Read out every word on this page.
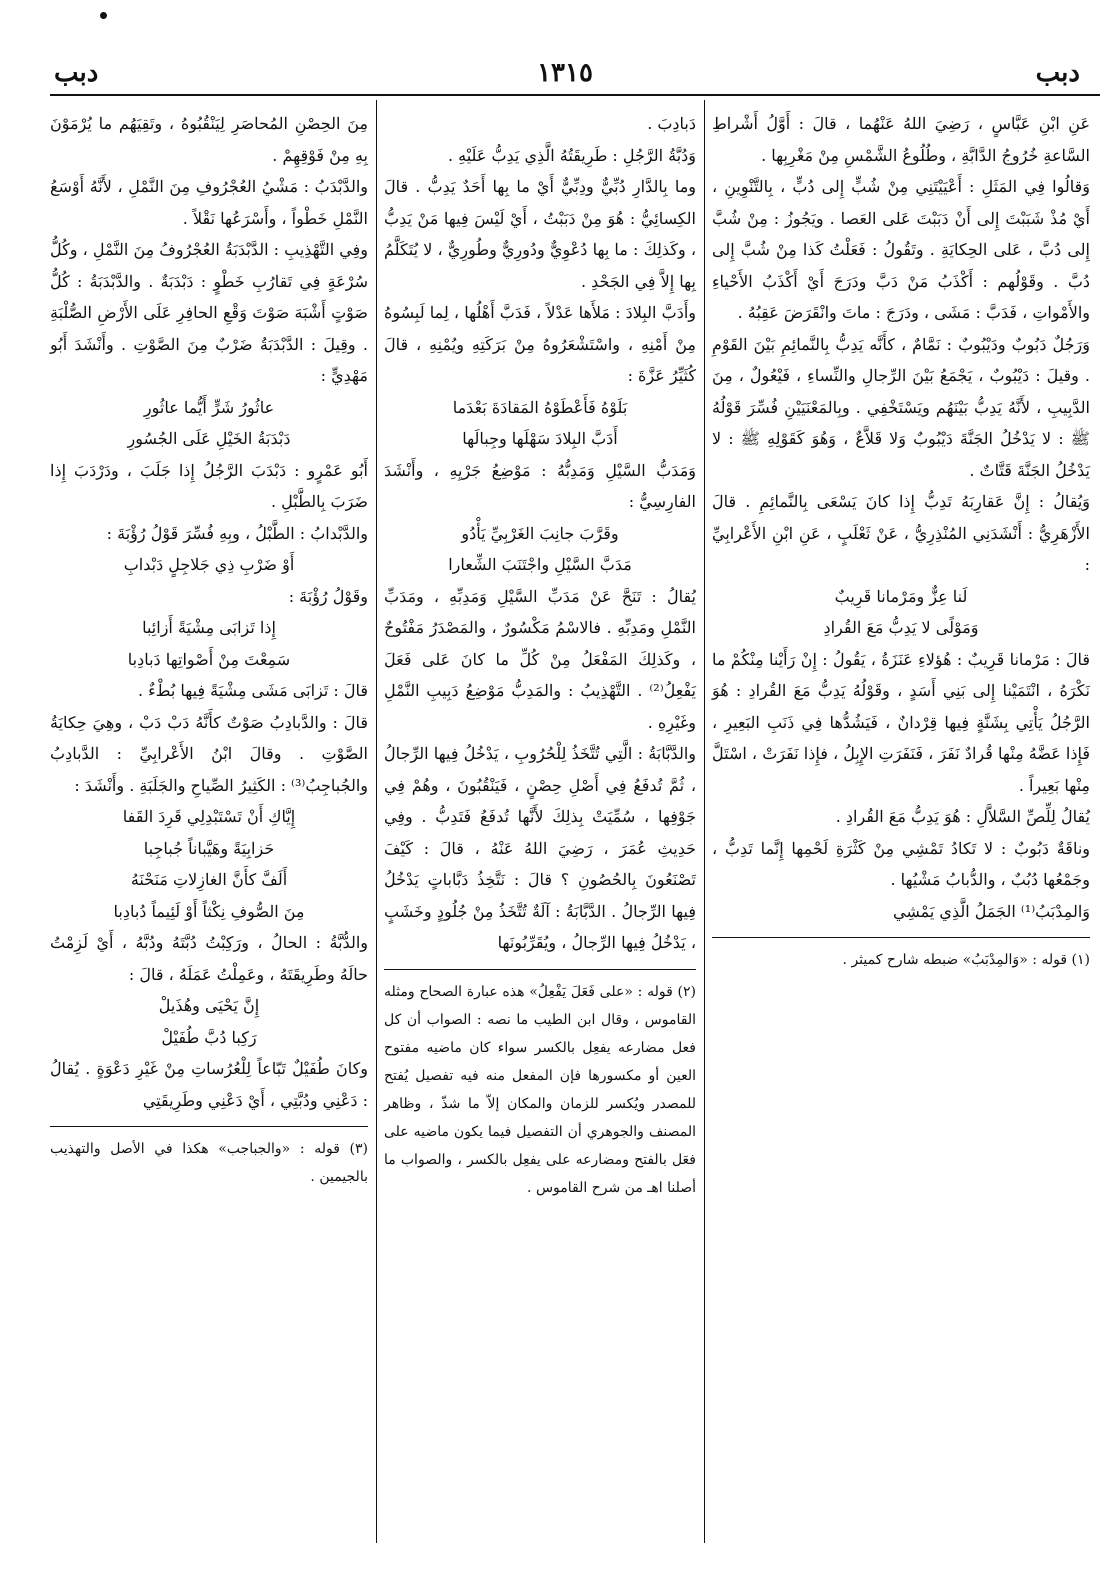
دبب	١٣١٥	دبب

عَنِ ابْنِ عَبَّاسٍ ، رَضِيَ اللهُ عَنْهُما ، قالَ : أَوَّلُ أَشْراطِ السَّاعةِ خُرُوجُ الدَّابَّةِ ، وطُلُوعُ الشَّمْسِ مِنْ مَغْرِبِها .

وَقالُوا فِي المَثَلِ : أَعْيَيْتَنِي مِنْ شُبٍّ إِلى دُبٍّ ، بِالتَّنْوِينِ ، أَيْ مُذْ شَبَبْتَ إِلى أَنْ دَبَبْتَ عَلى العَصا . ويَجُوزُ : مِنْ شُبَّ إِلى دُبَّ ، عَلى الحِكايَةِ . وتَقُولُ : فَعَلْتُ كَذا مِنْ شُبَّ إِلى دُبَّ . وقَوْلُهم : أَكْذَبُ مَنْ دَبَّ ودَرَجَ أَيْ أَكْذَبُ الأَحْياءِ والأَمْواتِ ، فَدَبَّ : مَشَى ، ودَرَجَ : ماتَ وانْقَرَضَ عَقِبُهُ .

وَرَجُلٌ دَبُوبٌ ودَيْبُوبٌ : نَمَّامٌ ، كأَنَّه يَدِبُّ بِالنَّمائِمِ بَيْنَ القَوْمِ . وقيلَ : دَيْبُوبٌ ، يَجْمَعُ بَيْنَ الرِّجالِ والنِّساءِ ، فَيْعُولٌ ، مِنَ الدَّبِيبِ ، لأَنَّهُ يَدِبُّ بَيْنَهُم ويَسْتَخْفِي . وبِالمَعْنَيَيْنِ فُسِّرَ قَوْلُهُ ﷺ : لا يَدْخُلُ الجَنَّةَ دَيْبُوبٌ وَلا قَلاَّعٌ ، وَهُوَ كَقَوْلِهِ ﷺ : لا يَدْخُلُ الجَنَّةَ قَتَّاتٌ .

وَيُقالُ : إِنَّ عَقارِبَهُ تَدِبُّ إِذا كانَ يَسْعَى بِالنَّمائِمِ . قالَ الأَزْهَرِيُّ : أَنْشَدَنِي المُنْذِرِيُّ ، عَنْ ثَعْلَبٍ ، عَنِ ابْنِ الأَعْرابِيِّ :

لَنا عِزٌّ ومَرْمانا قَرِيبٌ

وَمَوْلًى لا يَدِبُّ مَعَ القُرادِ

قالَ : مَرْمانا قَرِيبٌ : هُؤلاءِ عَنَزَةُ ، يَقُولُ : إِنْ رَأَيْنا مِنْكُمْ ما نَكْرَهُ ، انْتَمَيْنا إِلى بَنِي أَسَدٍ ، وقَوْلُهُ يَدِبُّ مَعَ القُرادِ : هُوَ الرَّجُلُ يَأْتِي بِشَنَّةٍ فِيها قِرْدانٌ ، فَيَشُدُّها فِي ذَنَبِ البَعِيرِ ، فَإِذا عَضَّهُ مِنْها قُرادٌ نَفَرَ ، فَنَفَرَتِ الإِبِلُ ، فإِذا نَفَرَتْ ، اسْتَلَّ مِنْها بَعِيراً .

يُقالُ لِلِّصِّ السَّلاَّلِ : هُوَ يَدِبُّ مَعَ القُرادِ .

وناقَةٌ دَبُوبٌ : لا تَكادُ تَمْشِي مِنْ كَثْرَةِ لَحْمِها إِنَّما تَدِبُّ ، وجَمْعُها دُبُبٌ ، والدُّبابُ مَشْيُها .

وَالمِدْبَبُ⁽¹⁾ الجَمَلُ الَّذِي يَمْشِي

(١) قوله : «وَالمِدْبَبُ» ضبطه شارح كميثر .

دَبادِبَ .

وَدُبَّةُ الرَّجُلِ : طَرِيقَتُهُ الَّذِي يَدِبُّ عَلَيْهِ .

وما بِالدَّارِ دُبِّيٌّ ودِبِّيٌّ أَيْ ما بِها أَحَدٌ يَدِبُّ . قالَ الكِسائِيُّ : هُوَ مِنْ دَبَبْتُ ، أَيْ لَيْسَ فِيها مَنْ يَدِبُّ ، وكَذلِكَ : ما بِها دُعْوِيٌّ ودُورِيٌّ وطُورِيٌّ ، لا يُتَكَلَّمُ بِها إِلاَّ فِي الجَحْدِ .

وأَدَبَّ البِلادَ : مَلأَها عَدْلاً ، فَدَبَّ أَهْلُها ، لِما لَبِسُوهُ مِنْ أَمْنِهِ ، واسْتَشْعَرُوهُ مِنْ بَرَكَتِهِ ويُمْنِهِ ، قالَ كُثَيِّرُ عَزَّةَ :

بَلَوْهُ فَأَعْطَوْهُ المَقادَةَ بَعْدَما

أَدَبَّ البِلادَ سَهْلَها وجِبالَها

وَمَدَبُّ السَّيْلِ وَمَدِبُّهُ : مَوْضِعُ جَرْيِهِ ، وأَنْشَدَ الفارِسِيُّ :

وقَرَّبَ جانِبَ الغَرْبِيِّ يَأْدُو

مَدَبَّ السَّيْلِ واجْتَنَبَ الشِّعارا

يُقالُ : تَنَحَّ عَنْ مَدَبِّ السَّيْلِ وَمَدِبِّهِ ، ومَدَبِّ النَّمْلِ ومَدِبِّهِ . فالاسْمُ مَكْسُورٌ ، والمَصْدَرُ مَفْتُوحٌ ، وكَذلِكَ المَفْعَلُ مِنْ كُلِّ ما كانَ عَلى فَعَلَ يَفْعِلُ⁽²⁾ . التَّهْذِيبُ : والمَدِبُّ مَوْضِعُ دَبِيبِ النَّمْلِ وغَيْرِهِ .

والدَّبَّابَةُ : الَّتِي تُتَّخَذُ لِلْحُرُوبِ ، يَدْخُلُ فِيها الرِّجالُ ، ثُمَّ تُدفَعُ فِي أَصْلِ حِصْنٍ ، فَيَنْقُبُونَ ، وهُمْ فِي جَوْفِها ، سُمِّيَتْ بِذلِكَ لأَنَّها تُدفَعُ فَتَدِبُّ . وفِي حَدِيثِ عُمَرَ ، رَضِيَ اللهُ عَنْهُ ، قالَ : كَيْفَ تَصْنَعُونَ بِالحُصُونِ ؟ قالَ : نَتَّخِذُ دَبَّاباتٍ يَدْخُلُ فِيها الرِّجالُ . الدَّبَّابَةُ : آلَةٌ تُتَّخَذُ مِنْ جُلُودٍ وخَشَبٍ ، يَدْخُلُ فِيها الرِّجالُ ، ويُقَرِّبُونَها

(٢) قوله : «على فَعَلَ يَفْعِلُ» هذه عبارة الصحاح ومثله القاموس ، وقال ابن الطيب ما نصه : الصواب أن كل فعل مضارعه يفعِل بالكسر سواء كان ماضيه مفتوح العين أو مكسورها فإن المفعل منه فيه تفصيل يُفتح للمصدر ويُكسر للزمان والمكان إلاّ ما شذّ ، وظاهر المصنف والجوهري أن التفصيل فيما يكون ماضيه على فعَل بالفتح ومضارعه على يفعِل بالكسر ، والصواب ما أصلنا اهـ من شرح القاموس .

مِنَ الحِصْنِ المُحاصَرِ لِيَنْقُبُوهُ ، وتَقِيَهُم ما يُرْمَوْنَ بِهِ مِنْ فَوْقِهِمْ .

والدَّبْدَبُ : مَشْيُ العُجْرُوفِ مِنَ النَّمْلِ ، لأَنَّهُ أَوْسَعُ النَّمْلِ خَطْواً ، وأَسْرَعُها نَقْلاً .

وفِي التَّهْذِيبِ : الدَّبْدَبَةُ العُجْرُوفُ مِنَ النَّمْلِ ، وكُلُّ سُرْعَةٍ فِي تَقارُبِ خَطْوٍ : دَبْدَبَةٌ . والدَّبْدَبَةُ : كُلُّ صَوْتٍ أَشْبَهَ صَوْتَ وَقْعِ الحافِرِ عَلَى الأَرْضِ الصُّلْبَةِ . وقِيلَ : الدَّبْدَبَةُ ضَرْبٌ مِنَ الصَّوْتِ . وأَنْشَدَ أَبُو مَهْدِيٍّ :

عاثُورُ شَرٍّ أَيُّما عاثُورِ

دَبْدَبَةُ الخَيْلِ عَلَى الجُسُورِ

أَبُو عَمْرٍو : دَبْدَبَ الرَّجُلُ إِذا جَلَبَ ، ودَرْدَبَ إِذا ضَرَبَ بِالطَّبْلِ .

والدَّبْدابُ : الطَّبْلُ ، وبِهِ فُسِّرَ قَوْلُ رُؤْبَةَ :

أَوْ ضَرْبِ ذِي جَلاجِلٍ دَبْدابِ

وقَوْلُ رُؤْبَةَ :

إِذا تَزابَى مِشْيَةً أَزائِبا

سَمِعْتَ مِنْ أَصْواتِها دَبادِبا

قالَ : تَزابَى مَشَى مِشْيَةً فِيها بُطْءٌ .

قالَ : والدَّبادِبُ صَوْتٌ كأَنَّهُ دَبْ دَبْ ، وهِيَ حِكايَةُ الصَّوْتِ . وقالَ ابْنُ الأَعْرابِيِّ : الدَّبادِبُ والجُباجِبُ⁽³⁾ : الكَثِيرُ الصِّياحِ والجَلَبَةِ . وأَنْشَدَ :

إِيَّاكِ أَنْ تَسْتَبْدِلِي قَرِدَ القَفا

حَزابِيَةً وهَيَّباناً جُباجِبا

أَلَفَّ كأَنَّ الغازِلاتِ مَنَحْنَهُ

مِنَ الصُّوفِ نِكْثاً أَوْ لَئِيماً دُبادِبا

والدُّبَّةُ : الحالُ ، ورَكِبْتُ دُبَّتَهُ ودُبَّهُ ، أَيْ لَزِمْتُ حالَهُ وطَرِيقَتَهُ ، وعَمِلْتُ عَمَلَهُ ، قالَ :

إِنَّ يَحْيَى وهُذَيلْ

رَكِبا دُبَّ طُفَيْلْ

وكانَ طُفَيْلٌ تَبّاعاً لِلْعُرُساتِ مِنْ غَيْرِ دَعْوَةٍ . يُقالُ : دَعْنِي ودُبَّتِي ، أَيْ دَعْنِي وطَرِيقَتِي

(٣) قوله : «والجباجب» هكذا في الأصل والتهذيب بالجيمين .
